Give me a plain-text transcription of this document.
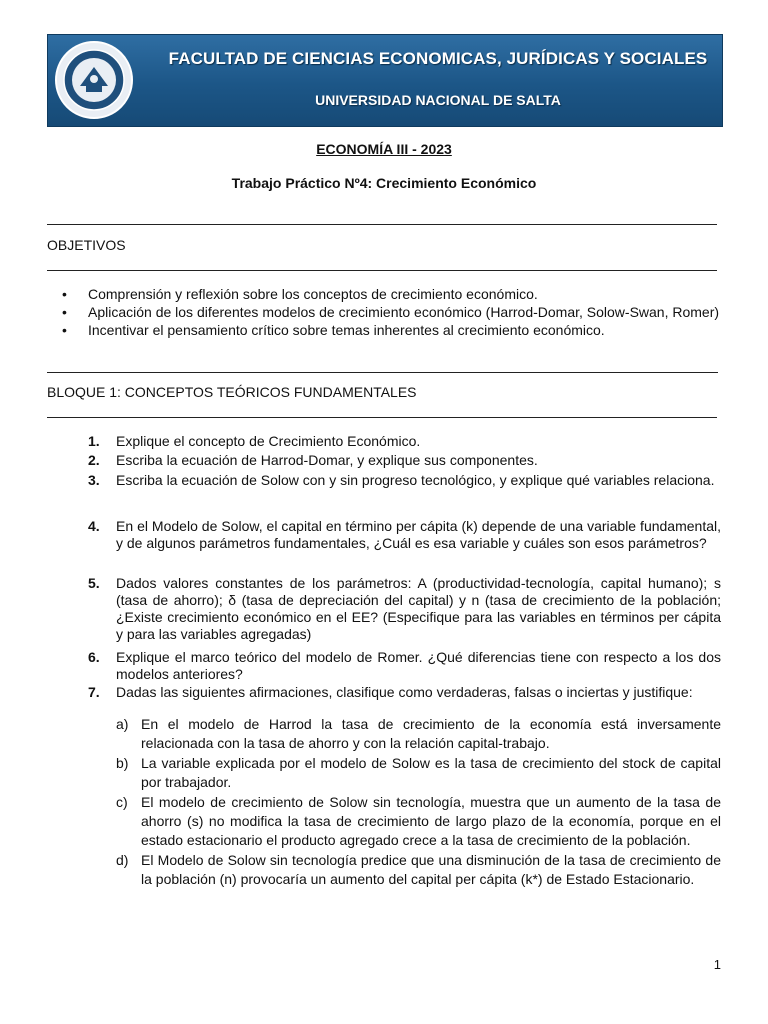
FACULTAD DE CIENCIAS ECONOMICAS, JURÍDICAS Y SOCIALES
UNIVERSIDAD NACIONAL DE SALTA
ECONOMÍA III - 2023
Trabajo Práctico Nº4: Crecimiento Económico
OBJETIVOS
• Comprensión y reflexión sobre los conceptos de crecimiento económico.
• Aplicación de los diferentes modelos de crecimiento económico (Harrod-Domar, Solow-Swan, Romer)
• Incentivar el pensamiento crítico sobre temas inherentes al crecimiento económico.
BLOQUE 1: CONCEPTOS TEÓRICOS FUNDAMENTALES
1. Explique el concepto de Crecimiento Económico.
2. Escriba la ecuación de Harrod-Domar, y explique sus componentes.
3. Escriba la ecuación de Solow con y sin progreso tecnológico, y explique qué variables relaciona.
4. En el Modelo de Solow, el capital en término per cápita (k) depende de una variable fundamental, y de algunos parámetros fundamentales, ¿Cuál es esa variable y cuáles son esos parámetros?
5. Dados valores constantes de los parámetros: A (productividad-tecnología, capital humano); s (tasa de ahorro); δ (tasa de depreciación del capital) y n (tasa de crecimiento de la población; ¿Existe crecimiento económico en el EE? (Especifique para las variables en términos per cápita y para las variables agregadas)
6. Explique el marco teórico del modelo de Romer. ¿Qué diferencias tiene con respecto a los dos modelos anteriores?
7. Dadas las siguientes afirmaciones, clasifique como verdaderas, falsas o inciertas y justifique:
a) En el modelo de Harrod la tasa de crecimiento de la economía está inversamente relacionada con la tasa de ahorro y con la relación capital-trabajo.
b) La variable explicada por el modelo de Solow es la tasa de crecimiento del stock de capital por trabajador.
c) El modelo de crecimiento de Solow sin tecnología, muestra que un aumento de la tasa de ahorro (s) no modifica la tasa de crecimiento de largo plazo de la economía, porque en el estado estacionario el producto agregado crece a la tasa de crecimiento de la población.
d) El Modelo de Solow sin tecnología predice que una disminución de la tasa de crecimiento de la población (n) provocaría un aumento del capital per cápita (k*) de Estado Estacionario.
1
